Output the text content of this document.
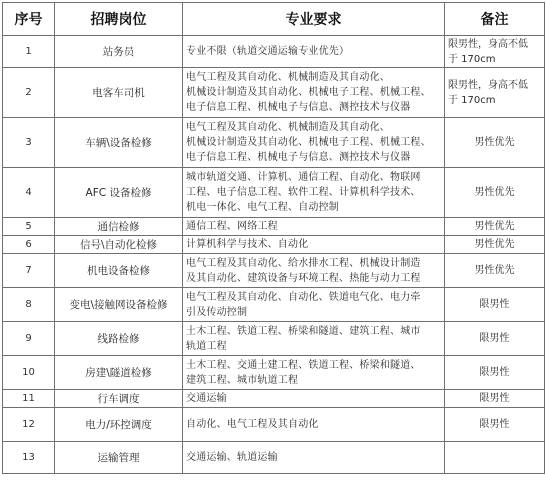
序号	招聘岗位	专业要求	备注
1	站务员	专业不限（轨道交通运输专业优先）	限男性，身高不低
于 170cm

2	电客车司机	电气工程及其自动化、机械制造及其自动化、
机械设计制造及其自动化、机械电子工程、机械工程、
电子信息工程、机械电子与信息、测控技术与仪器	限男性，身高不低
于 170cm

3	车辆\设备检修	电气工程及其自动化、机械制造及其自动化、
机械设计制造及其自动化、机械电子工程、机械工程、
电子信息工程、机械电子与信息、测控技术与仪器	男性优先

4	AFC 设备检修	城市轨道交通、计算机、通信工程、自动化、物联网
工程、电子信息工程、软件工程、计算机科学技术、
机电一体化、电气工程、自动控制	男性优先

5	通信检修	通信工程、网络工程	男性优先

6	信号\自动化检修	计算机科学与技术、自动化	男性优先

7	机电设备检修	电气工程及其自动化、给水排水工程、机械设计制造
及其自动化、建筑设备与环境工程、热能与动力工程	男性优先

8	变电\接触网设备检修	电气工程及其自动化、自动化、铁道电气化、电力牵
引及传动控制	限男性

9	线路检修	土木工程、铁道工程、桥梁和隧道、建筑工程、城市
轨道工程	限男性

10	房建\隧道检修	土木工程、交通土建工程、铁道工程、桥梁和隧道、
建筑工程、城市轨道工程	限男性

11	行车调度	交通运输	限男性

12	电力/环控调度	自动化、电气工程及其自动化	限男性

13	运输管理	交通运输、轨道运输	
